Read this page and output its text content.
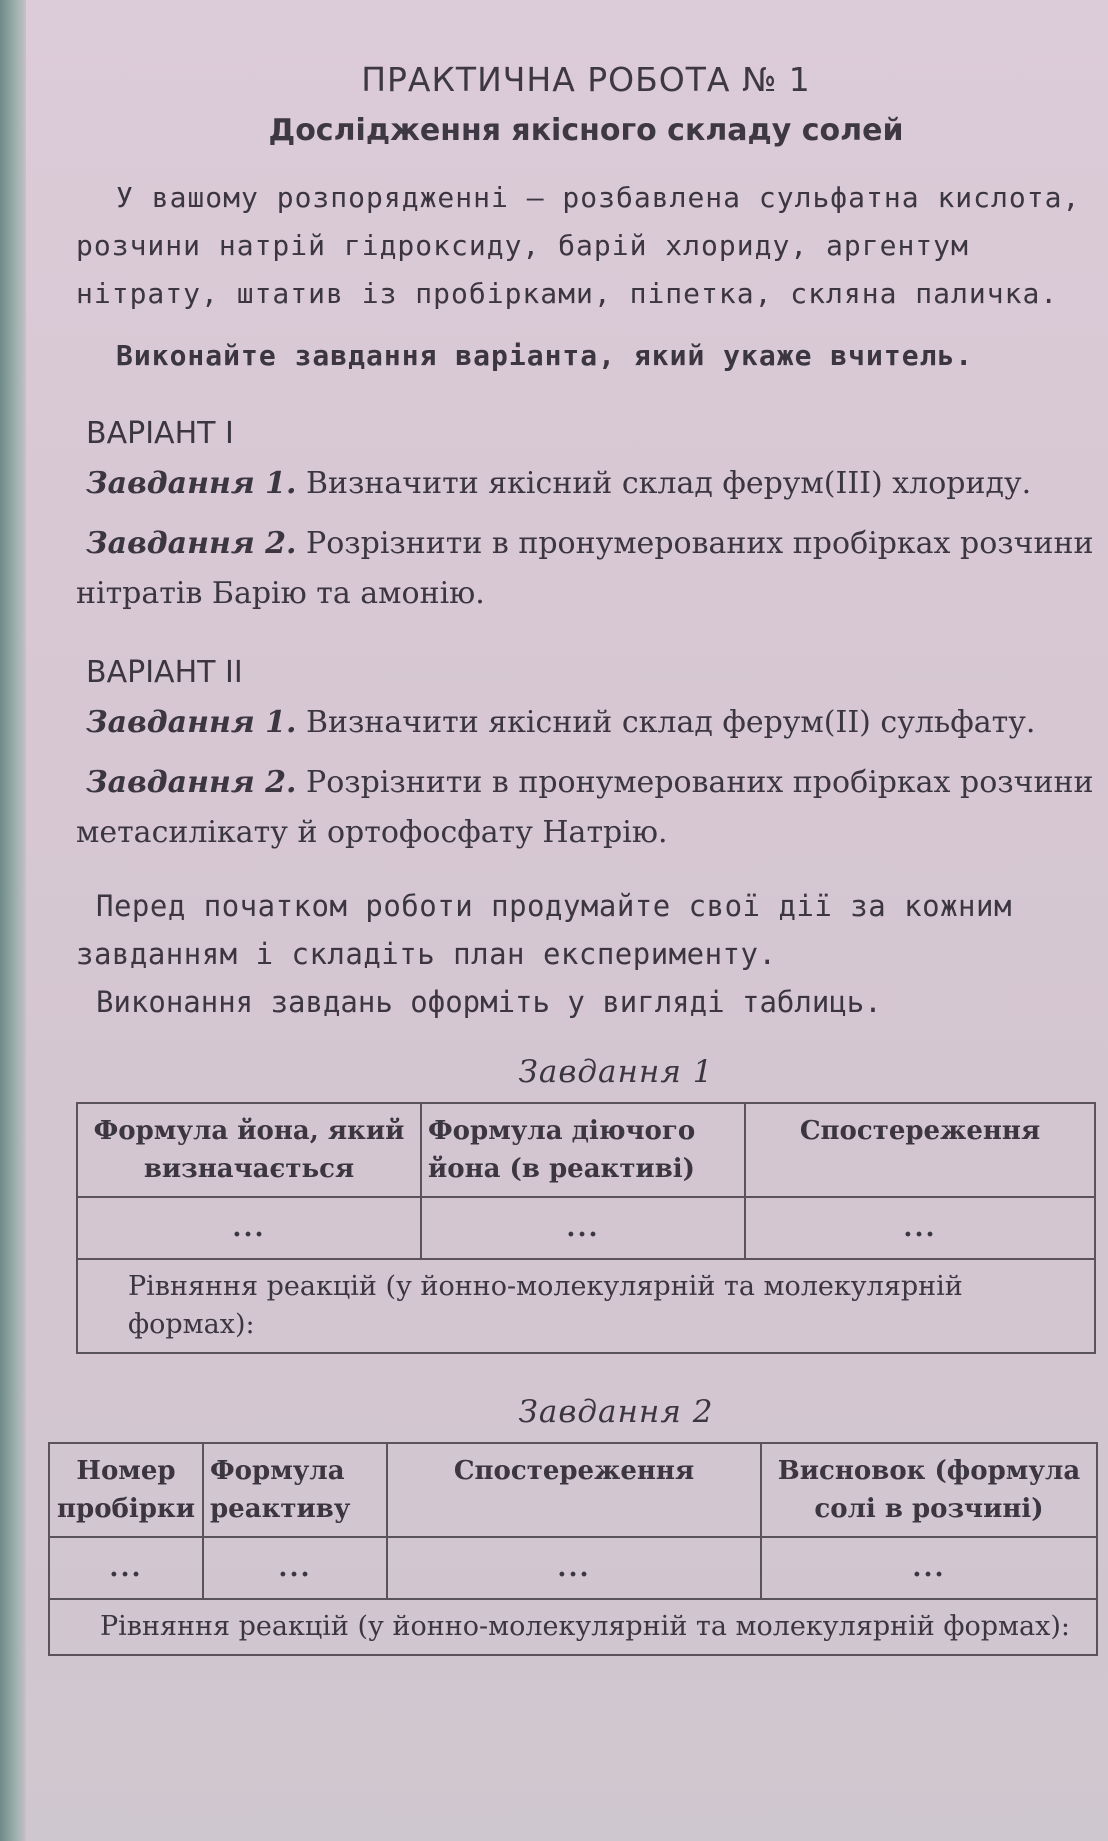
ПРАКТИЧНА РОБОТА № 1
Дослідження якісного складу солей

У вашому розпорядженні — розбавлена сульфатна кислота, розчини натрій гідроксиду, барій хлориду, аргентум нітрату, штатив із пробірками, піпетка, скляна паличка.

Виконайте завдання варіанта, який укаже вчитель.

ВАРІАНТ I

Завдання 1. Визначити якісний склад ферум(III) хлориду.

Завдання 2. Розрізнити в пронумерованих пробірках розчини нітратів Барію та амонію.

ВАРІАНТ II

Завдання 1. Визначити якісний склад ферум(II) сульфату.

Завдання 2. Розрізнити в пронумерованих пробірках розчини метасилікату й ортофосфату Натрію.

Перед початком роботи продумайте свої дії за кожним завданням і складіть план експерименту.

Виконання завдань оформіть у вигляді таблиць.

Завдання 1
Формула йона, який визначається	Формула діючого йона (в реактиві)	Спостереження
...	...	...
Рівняння реакцій (у йонно-молекулярній та молекулярній формах):		
Завдання 2
Номер пробірки	Формула реактиву	Спостереження	Висновок (формула солі в розчині)
...	...	...	...
Рівняння реакцій (у йонно-молекулярній та молекулярній формах):			
